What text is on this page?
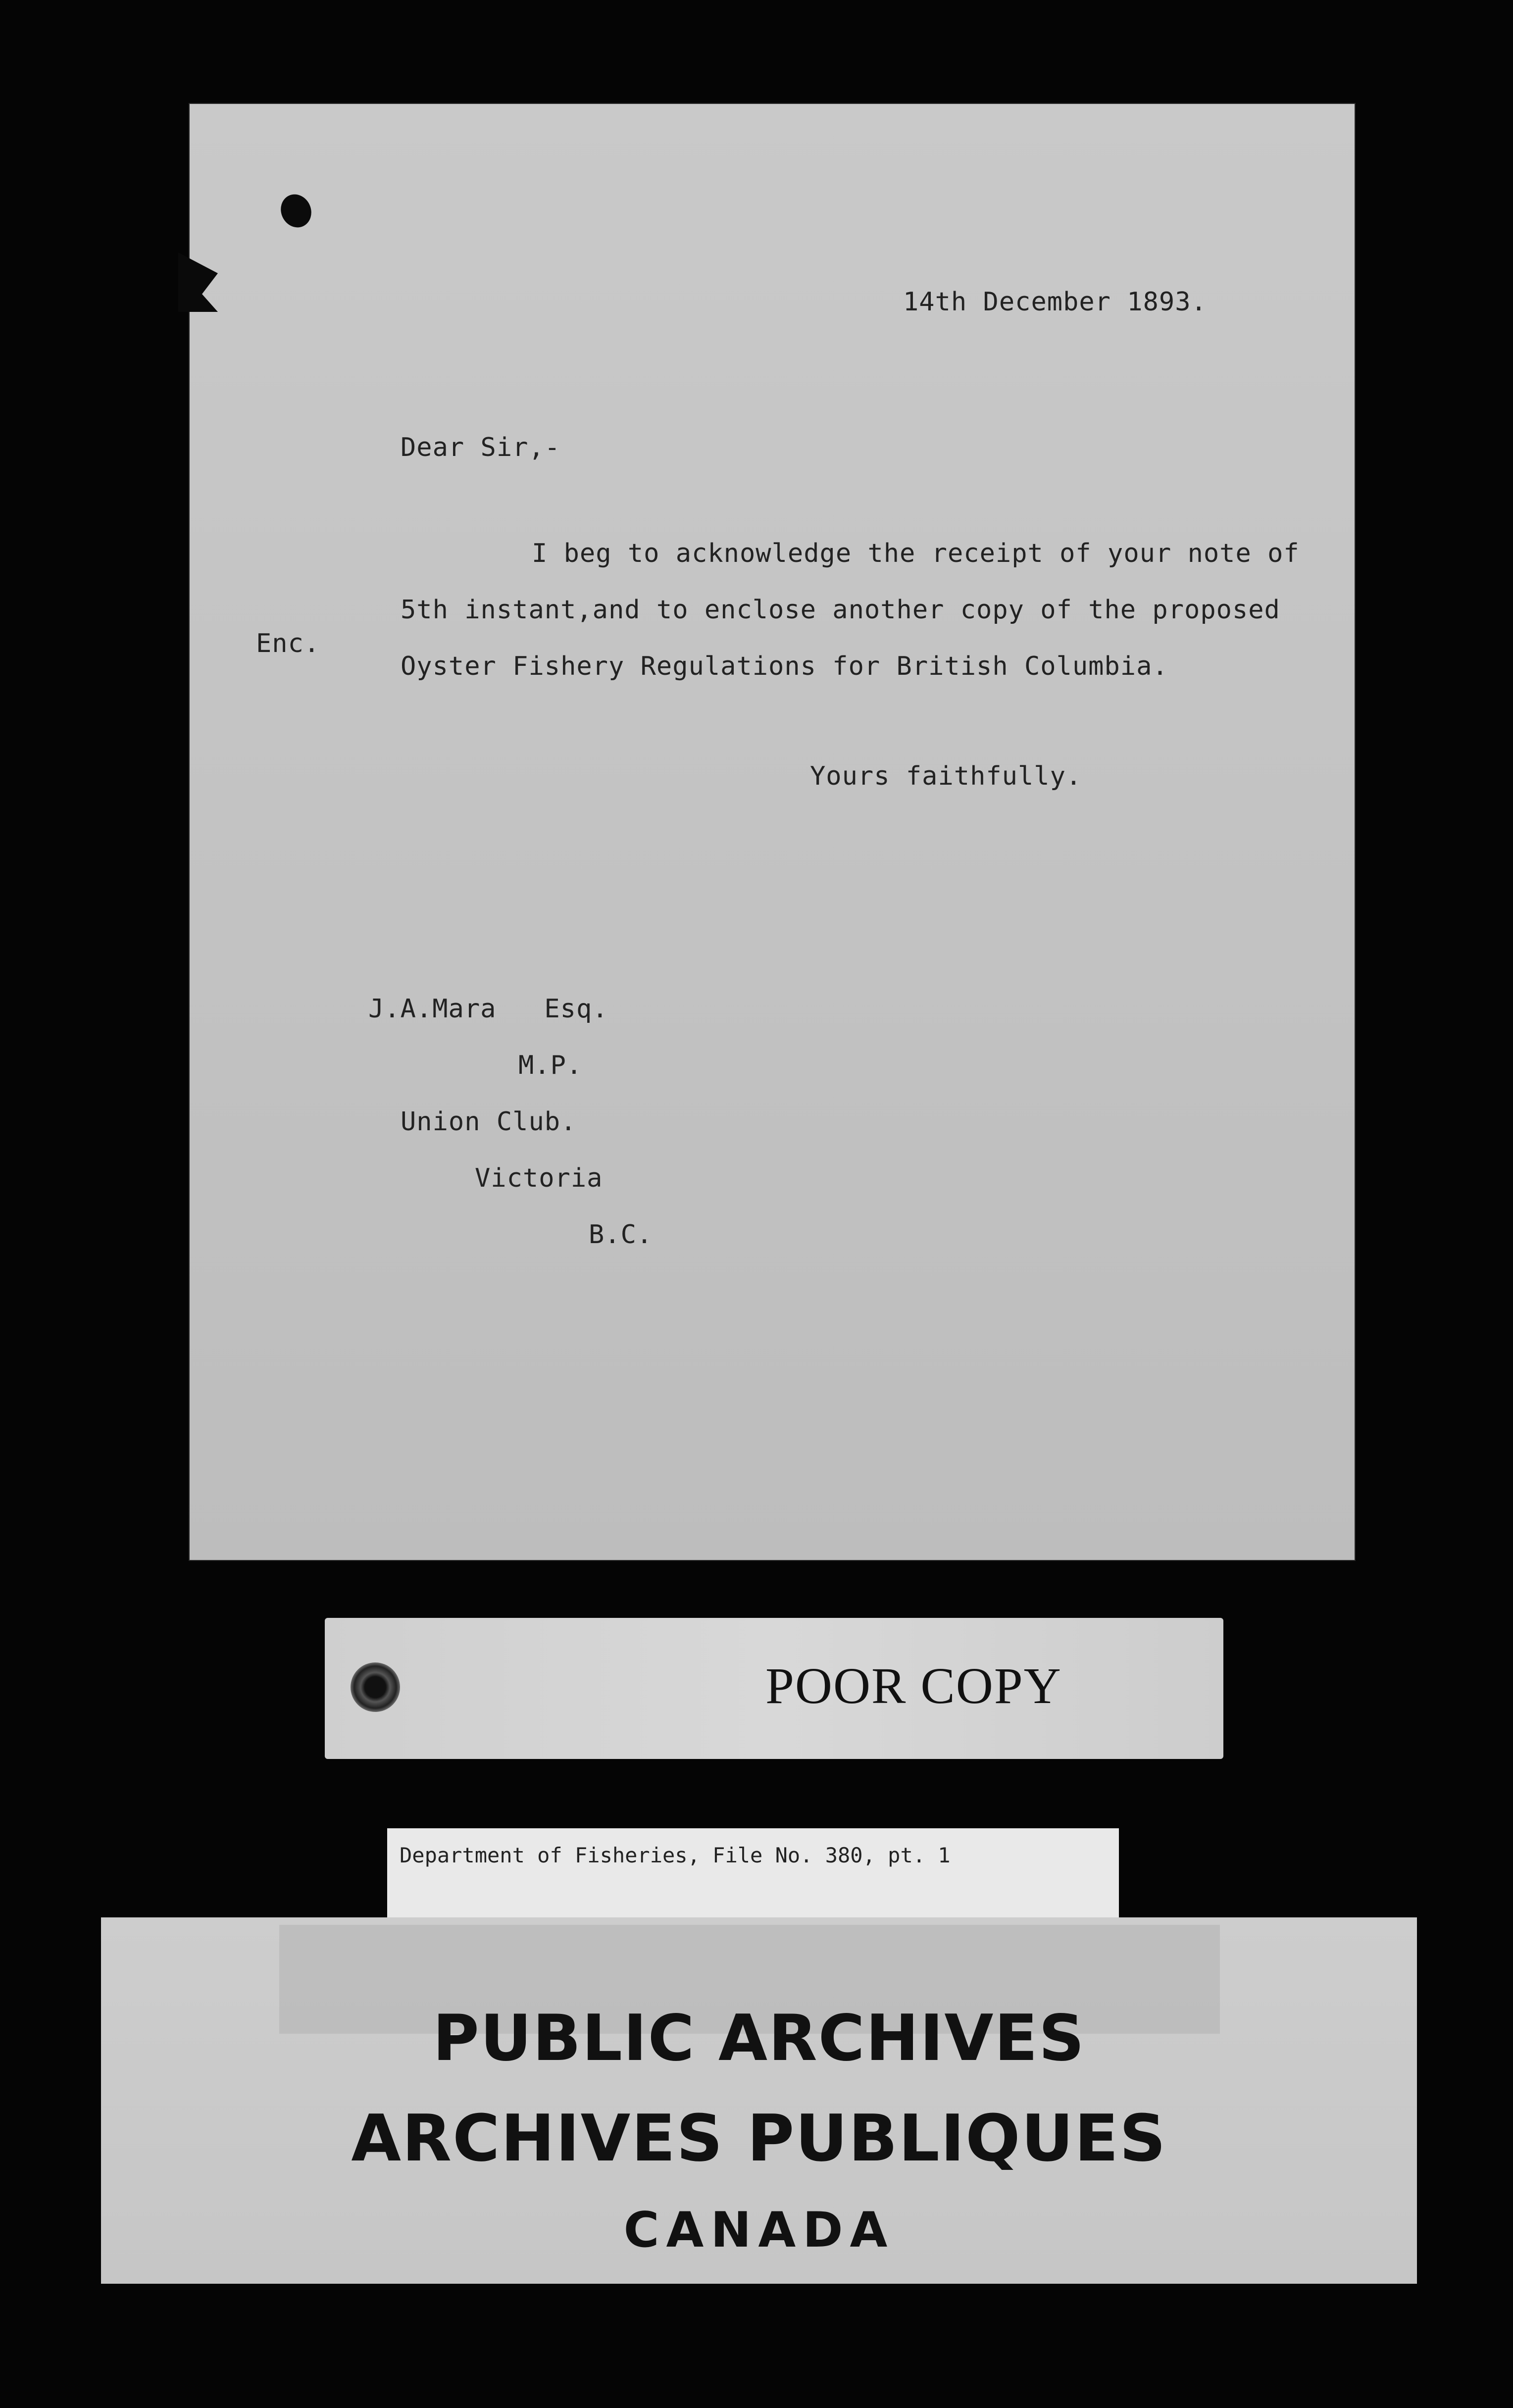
14th December 1893.
Dear Sir,-
I beg to acknowledge the receipt of your note of
5th instant,and to enclose another copy of the proposed
Oyster Fishery Regulations for British Columbia.
Enc.
Yours faithfully.
J.A.Mara   Esq.
M.P.
Union Club.
Victoria
B.C.
POOR COPY
Department of Fisheries, File No. 380, pt. 1
PUBLIC ARCHIVES
ARCHIVES PUBLIQUES
CANADA
